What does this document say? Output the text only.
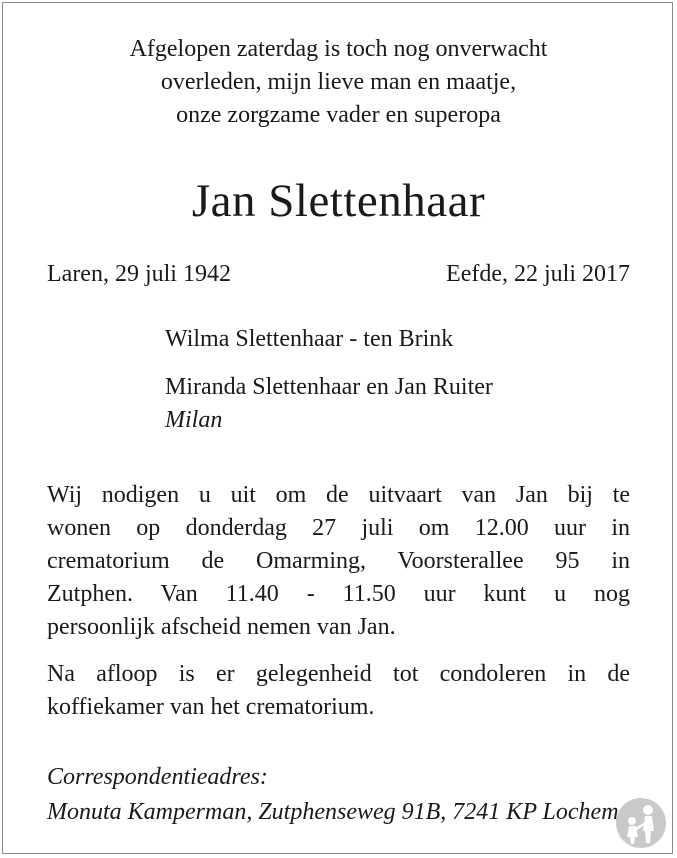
Afgelopen zaterdag is toch nog onverwacht
overleden, mijn lieve man en maatje,
onze zorgzame vader en superopa
Jan Slettenhaar
Laren, 29 juli 1942	Eefde, 22 juli 2017
Wilma Slettenhaar - ten Brink
Miranda Slettenhaar en Jan Ruiter
Milan
Wij nodigen u uit om de uitvaart van Jan bij te
wonen op donderdag 27 juli om 12.00 uur in
crematorium de Omarming, Voorsterallee 95 in
Zutphen. Van 11.40 - 11.50 uur kunt u nog
persoonlijk afscheid nemen van Jan.
Na afloop is er gelegenheid tot condoleren in de
koffiekamer van het crematorium.
Correspondentieadres:
Monuta Kamperman, Zutphenseweg 91B, 7241 KP Lochem
